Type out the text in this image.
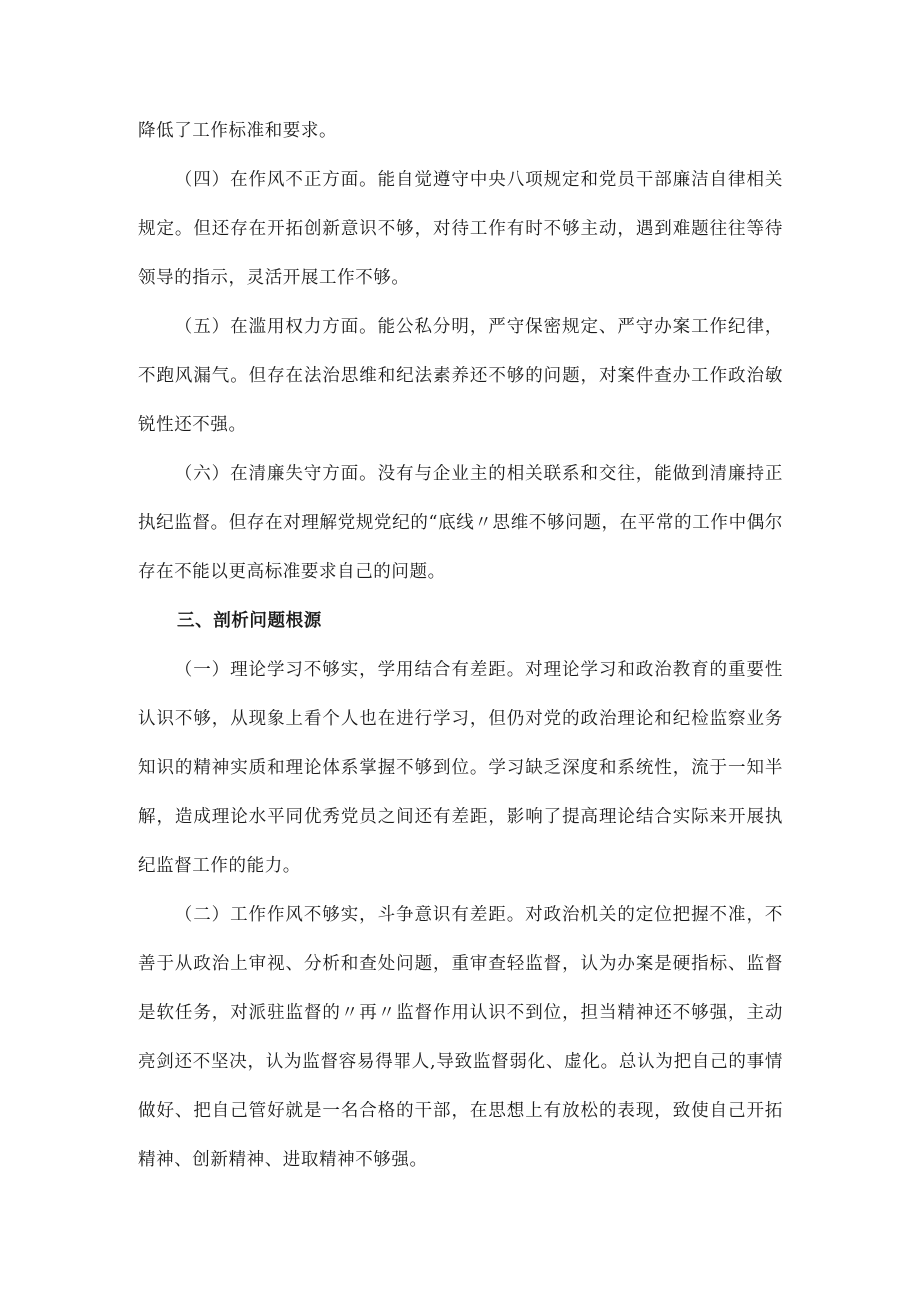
降低了工作标准和要求。

（四）在作风不正方面。能自觉遵守中央八项规定和党员干部廉洁自律相关规定。但还存在开拓创新意识不够，对待工作有时不够主动，遇到难题往往等待领导的指示，灵活开展工作不够。

（五）在滥用权力方面。能公私分明，严守保密规定、严守办案工作纪律，不跑风漏气。但存在法治思维和纪法素养还不够的问题，对案件查办工作政治敏锐性还不强。

（六）在清廉失守方面。没有与企业主的相关联系和交往，能做到清廉持正执纪监督。但存在对理解党规党纪的“底线〃思维不够问题，在平常的工作中偶尔存在不能以更高标准要求自己的问题。

三、剖析问题根源

（一）理论学习不够实，学用结合有差距。对理论学习和政治教育的重要性认识不够，从现象上看个人也在进行学习，但仍对党的政治理论和纪检监察业务知识的精神实质和理论体系掌握不够到位。学习缺乏深度和系统性，流于一知半解，造成理论水平同优秀党员之间还有差距，影响了提高理论结合实际来开展执纪监督工作的能力。

（二）工作作风不够实，斗争意识有差距。对政治机关的定位把握不准，不善于从政治上审视、分析和查处问题，重审查轻监督，认为办案是硬指标、监督是软任务，对派驻监督的〃再〃监督作用认识不到位，担当精神还不够强，主动亮剑还不坚决，认为监督容易得罪人,导致监督弱化、虚化。总认为把自己的事情做好、把自己管好就是一名合格的干部，在思想上有放松的表现，致使自己开拓精神、创新精神、进取精神不够强。
